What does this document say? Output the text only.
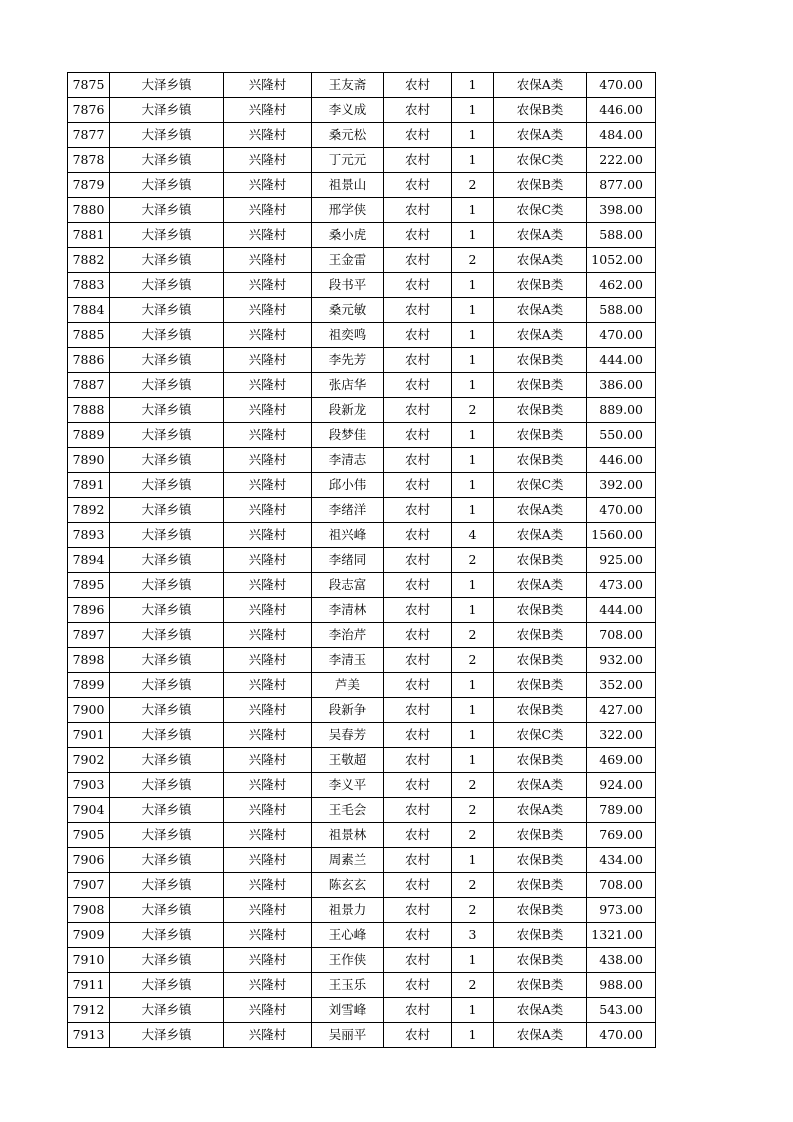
7875	大泽乡镇	兴隆村	王友斋	农村	1	农保A类	470.00
7876	大泽乡镇	兴隆村	李义成	农村	1	农保B类	446.00
7877	大泽乡镇	兴隆村	桑元松	农村	1	农保A类	484.00
7878	大泽乡镇	兴隆村	丁元元	农村	1	农保C类	222.00
7879	大泽乡镇	兴隆村	祖景山	农村	2	农保B类	877.00
7880	大泽乡镇	兴隆村	邢学侠	农村	1	农保C类	398.00
7881	大泽乡镇	兴隆村	桑小虎	农村	1	农保A类	588.00
7882	大泽乡镇	兴隆村	王金雷	农村	2	农保A类	1052.00
7883	大泽乡镇	兴隆村	段书平	农村	1	农保B类	462.00
7884	大泽乡镇	兴隆村	桑元敏	农村	1	农保A类	588.00
7885	大泽乡镇	兴隆村	祖奕鸣	农村	1	农保A类	470.00
7886	大泽乡镇	兴隆村	李先芳	农村	1	农保B类	444.00
7887	大泽乡镇	兴隆村	张店华	农村	1	农保B类	386.00
7888	大泽乡镇	兴隆村	段新龙	农村	2	农保B类	889.00
7889	大泽乡镇	兴隆村	段梦佳	农村	1	农保B类	550.00
7890	大泽乡镇	兴隆村	李清志	农村	1	农保B类	446.00
7891	大泽乡镇	兴隆村	邱小伟	农村	1	农保C类	392.00
7892	大泽乡镇	兴隆村	李绪洋	农村	1	农保A类	470.00
7893	大泽乡镇	兴隆村	祖兴峰	农村	4	农保A类	1560.00
7894	大泽乡镇	兴隆村	李绪同	农村	2	农保B类	925.00
7895	大泽乡镇	兴隆村	段志富	农村	1	农保A类	473.00
7896	大泽乡镇	兴隆村	李清林	农村	1	农保B类	444.00
7897	大泽乡镇	兴隆村	李治芹	农村	2	农保B类	708.00
7898	大泽乡镇	兴隆村	李清玉	农村	2	农保B类	932.00
7899	大泽乡镇	兴隆村	芦美	农村	1	农保B类	352.00
7900	大泽乡镇	兴隆村	段新争	农村	1	农保B类	427.00
7901	大泽乡镇	兴隆村	吴春芳	农村	1	农保C类	322.00
7902	大泽乡镇	兴隆村	王敬超	农村	1	农保B类	469.00
7903	大泽乡镇	兴隆村	李义平	农村	2	农保A类	924.00
7904	大泽乡镇	兴隆村	王毛会	农村	2	农保A类	789.00
7905	大泽乡镇	兴隆村	祖景林	农村	2	农保B类	769.00
7906	大泽乡镇	兴隆村	周素兰	农村	1	农保B类	434.00
7907	大泽乡镇	兴隆村	陈玄玄	农村	2	农保B类	708.00
7908	大泽乡镇	兴隆村	祖景力	农村	2	农保B类	973.00
7909	大泽乡镇	兴隆村	王心峰	农村	3	农保B类	1321.00
7910	大泽乡镇	兴隆村	王作侠	农村	1	农保B类	438.00
7911	大泽乡镇	兴隆村	王玉乐	农村	2	农保B类	988.00
7912	大泽乡镇	兴隆村	刘雪峰	农村	1	农保A类	543.00
7913	大泽乡镇	兴隆村	吴丽平	农村	1	农保A类	470.00
